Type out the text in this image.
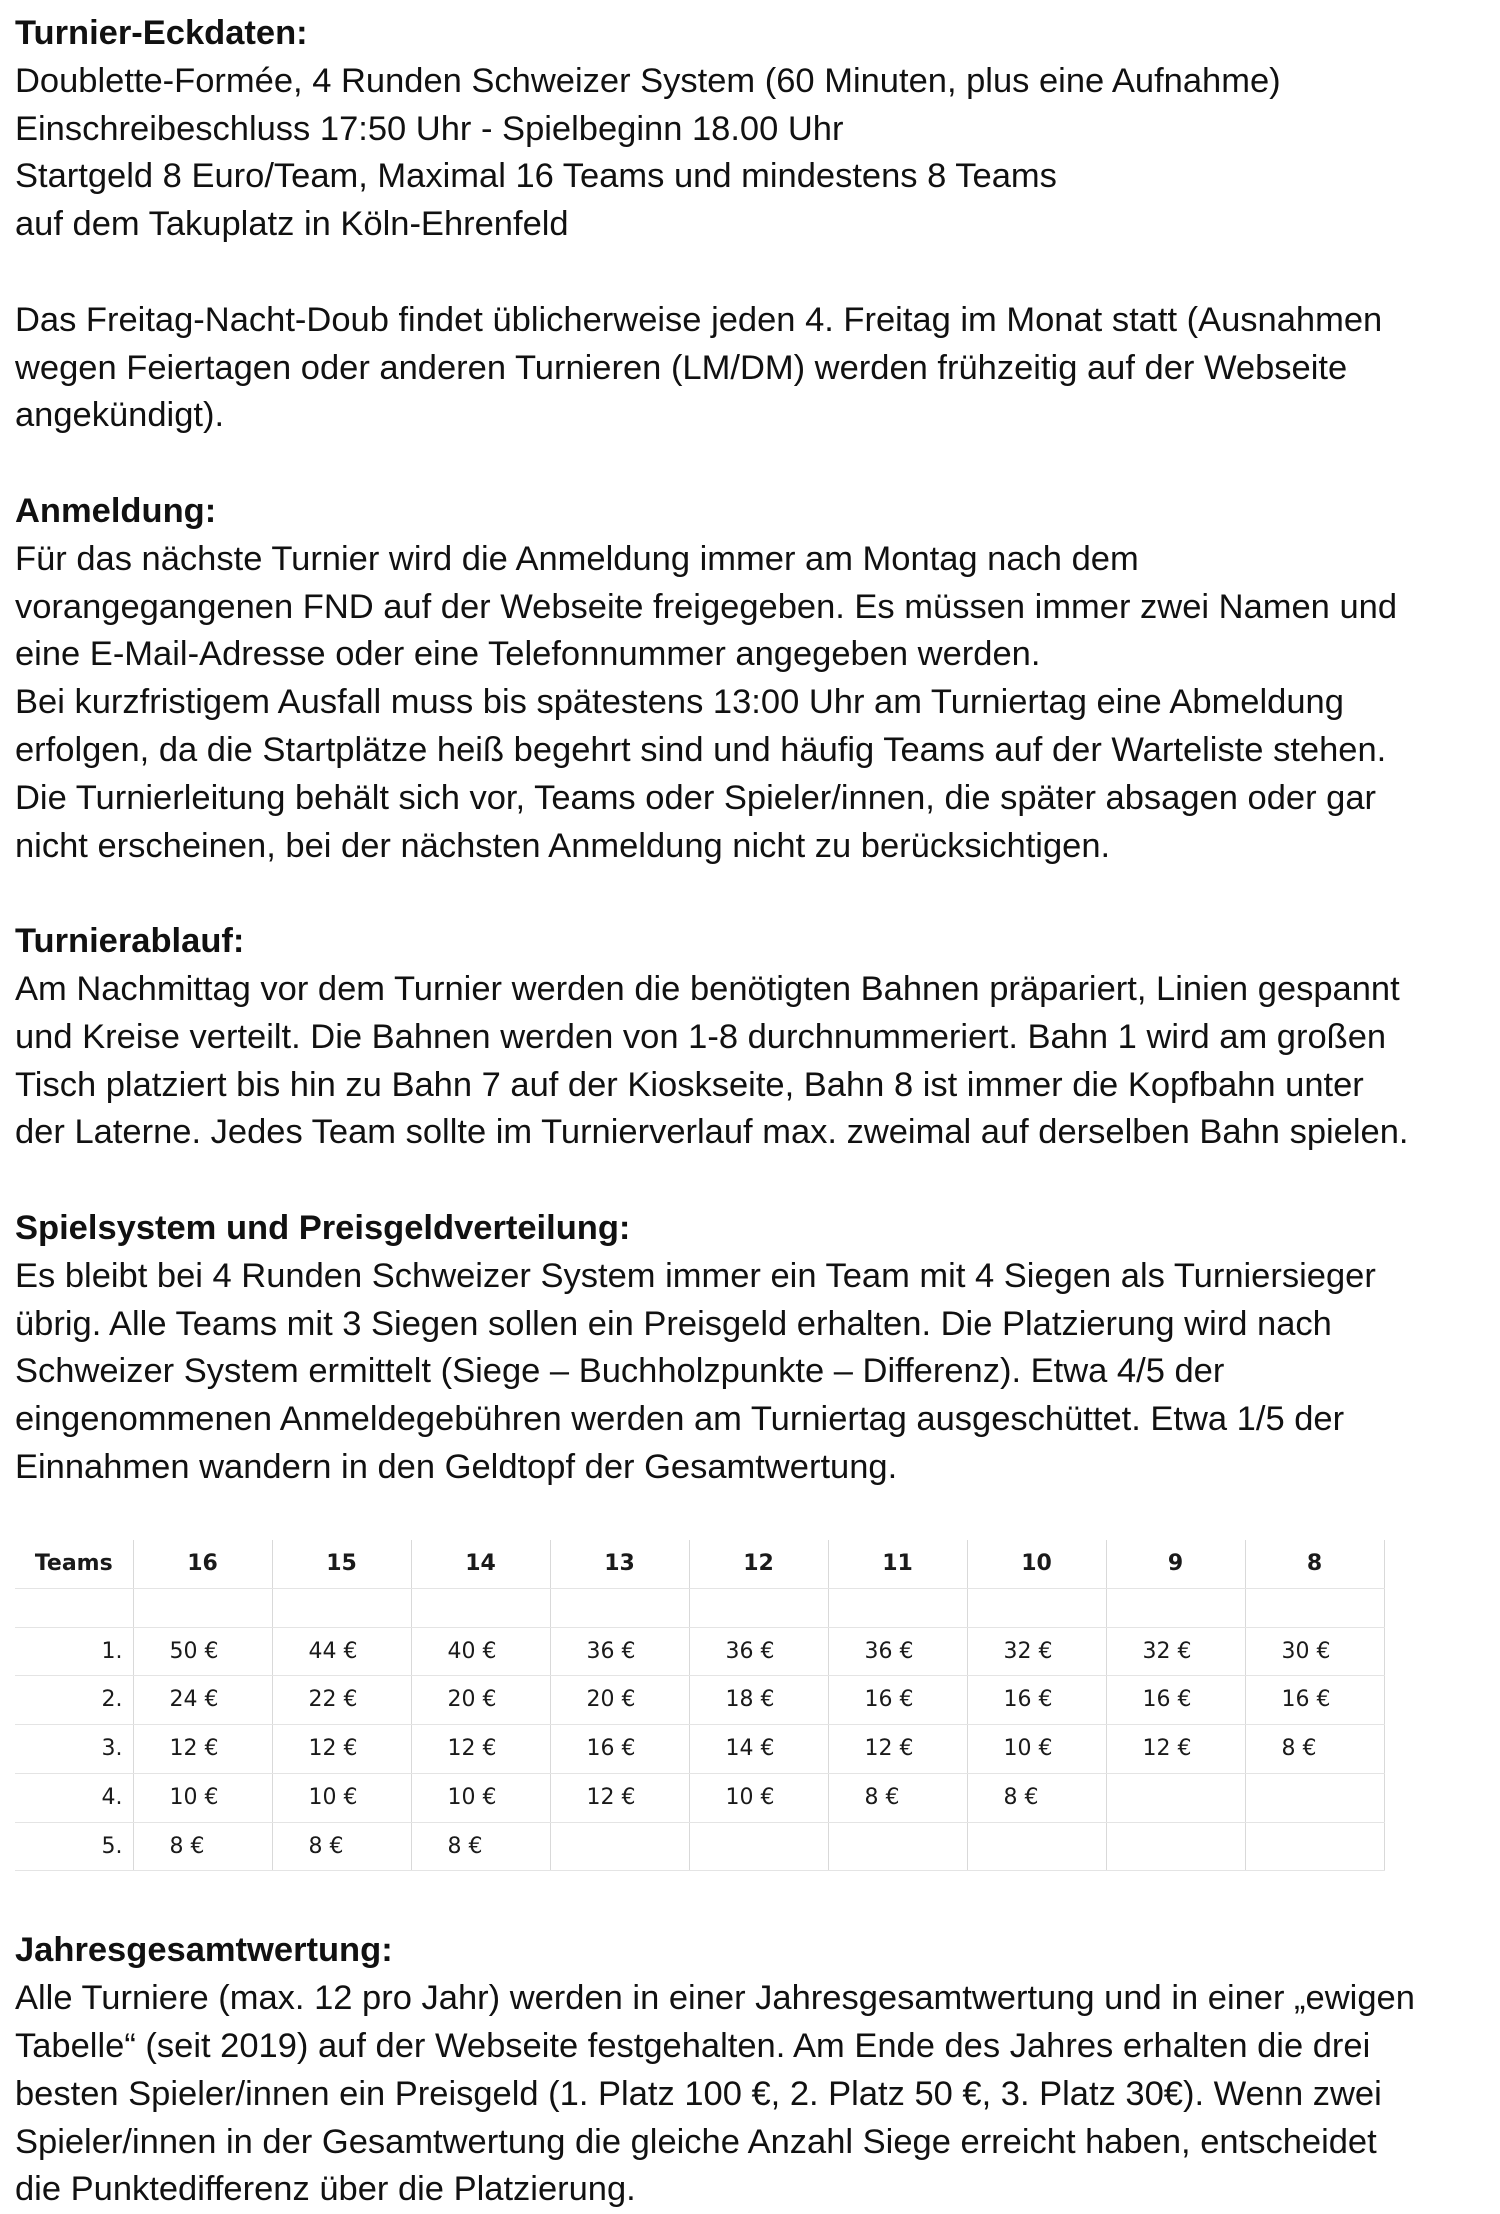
Turnier-Eckdaten:

Doublette-Formée, 4 Runden Schweizer System (60 Minuten, plus eine Aufnahme)

Einschreibeschluss 17:50 Uhr - Spielbeginn 18.00 Uhr

Startgeld 8 Euro/Team, Maximal 16 Teams und mindestens 8 Teams

auf dem Takuplatz in Köln-Ehrenfeld

Das Freitag-Nacht-Doub findet üblicherweise jeden 4. Freitag im Monat statt (Ausnahmen

wegen Feiertagen oder anderen Turnieren (LM/DM) werden frühzeitig auf der Webseite

angekündigt).

Anmeldung:

Für das nächste Turnier wird die Anmeldung immer am Montag nach dem

vorangegangenen FND auf der Webseite freigegeben. Es müssen immer zwei Namen und

eine E-Mail-Adresse oder eine Telefonnummer angegeben werden.

Bei kurzfristigem Ausfall muss bis spätestens 13:00 Uhr am Turniertag eine Abmeldung

erfolgen, da die Startplätze heiß begehrt sind und häufig Teams auf der Warteliste stehen.

Die Turnierleitung behält sich vor, Teams oder Spieler/innen, die später absagen oder gar

nicht erscheinen, bei der nächsten Anmeldung nicht zu berücksichtigen.

Turnierablauf:

Am Nachmittag vor dem Turnier werden die benötigten Bahnen präpariert, Linien gespannt

und Kreise verteilt. Die Bahnen werden von 1-8 durchnummeriert. Bahn 1 wird am großen

Tisch platziert bis hin zu Bahn 7 auf der Kioskseite, Bahn 8 ist immer die Kopfbahn unter

der Laterne. Jedes Team sollte im Turnierverlauf max. zweimal auf derselben Bahn spielen.

Spielsystem und Preisgeldverteilung:

Es bleibt bei 4 Runden Schweizer System immer ein Team mit 4 Siegen als Turniersieger

übrig. Alle Teams mit 3 Siegen sollen ein Preisgeld erhalten. Die Platzierung wird nach

Schweizer System ermittelt (Siege – Buchholzpunkte – Differenz). Etwa 4/5 der

eingenommenen Anmeldegebühren werden am Turniertag ausgeschüttet. Etwa 1/5 der

Einnahmen wandern in den Geldtopf der Gesamtwertung.

Teams	16	15	14	13	12	11	10	9	8

1.	50 €	44 €	40 €	36 €	36 €	36 €	32 €	32 €	30 €
2.	24 €	22 €	20 €	20 €	18 €	16 €	16 €	16 €	16 €
3.	12 €	12 €	12 €	16 €	14 €	12 €	10 €	12 €	8 €
4.	10 €	10 €	10 €	12 €	10 €	8 €	8 €		
5.	8 €	8 €	8 €						

Jahresgesamtwertung:

Alle Turniere (max. 12 pro Jahr) werden in einer Jahresgesamtwertung und in einer „ewigen

Tabelle“ (seit 2019) auf der Webseite festgehalten. Am Ende des Jahres erhalten die drei

besten Spieler/innen ein Preisgeld (1. Platz 100 €, 2. Platz 50 €, 3. Platz 30€). Wenn zwei

Spieler/innen in der Gesamtwertung die gleiche Anzahl Siege erreicht haben, entscheidet

die Punktedifferenz über die Platzierung.
